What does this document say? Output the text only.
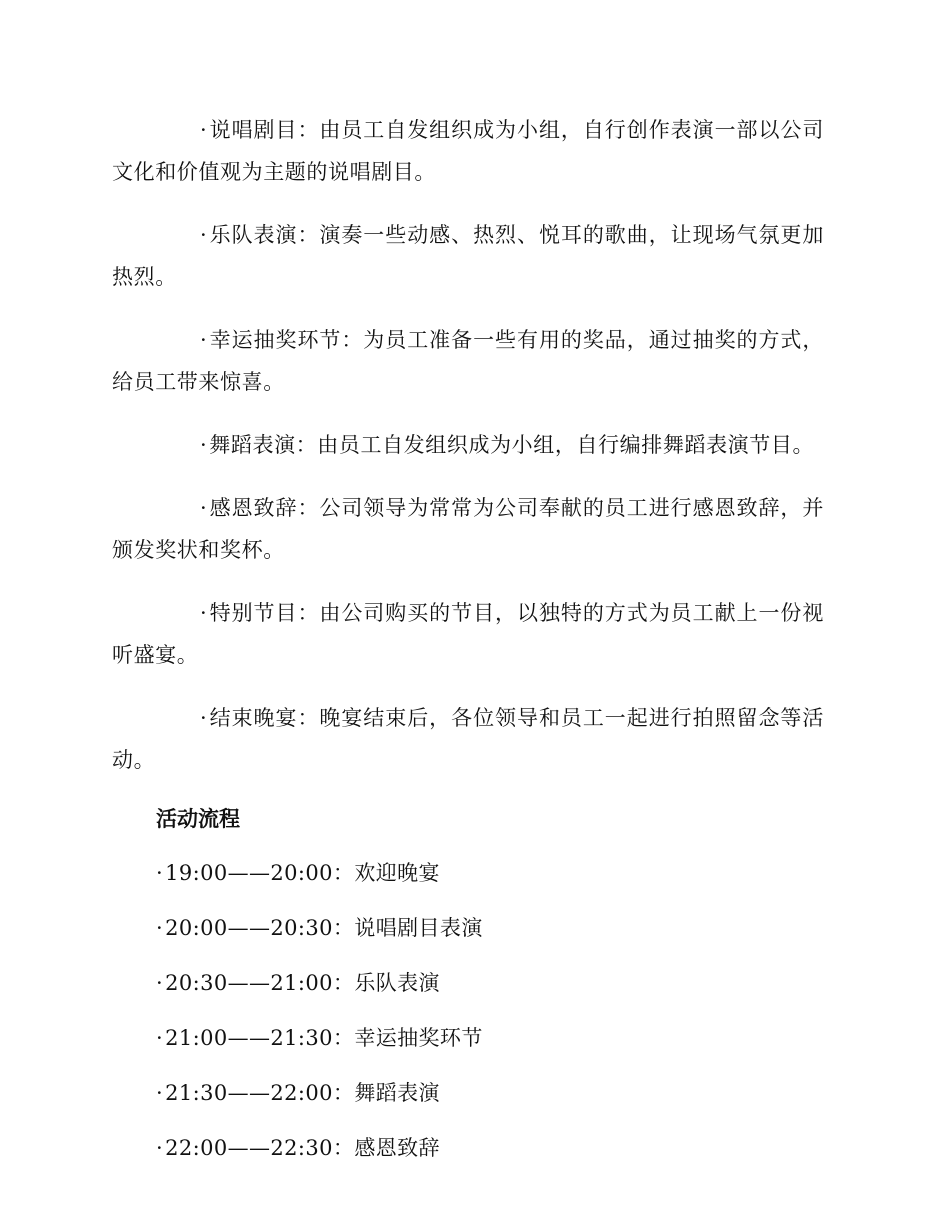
·说唱剧目：由员工自发组织成为小组，自行创作表演一部以公司文化和价值观为主题的说唱剧目。

·乐队表演：演奏一些动感、热烈、悦耳的歌曲，让现场气氛更加热烈。

·幸运抽奖环节：为员工准备一些有用的奖品，通过抽奖的方式，给员工带来惊喜。

·舞蹈表演：由员工自发组织成为小组，自行编排舞蹈表演节目。

·感恩致辞：公司领导为常常为公司奉献的员工进行感恩致辞，并颁发奖状和奖杯。

·特别节目：由公司购买的节目，以独特的方式为员工献上一份视听盛宴。

·结束晚宴：晚宴结束后，各位领导和员工一起进行拍照留念等活动。

活动流程
·19:00——20:00：欢迎晚宴
·20:00——20:30：说唱剧目表演
·20:30——21:00：乐队表演
·21:00——21:30：幸运抽奖环节
·21:30——22:00：舞蹈表演
·22:00——22:30：感恩致辞
